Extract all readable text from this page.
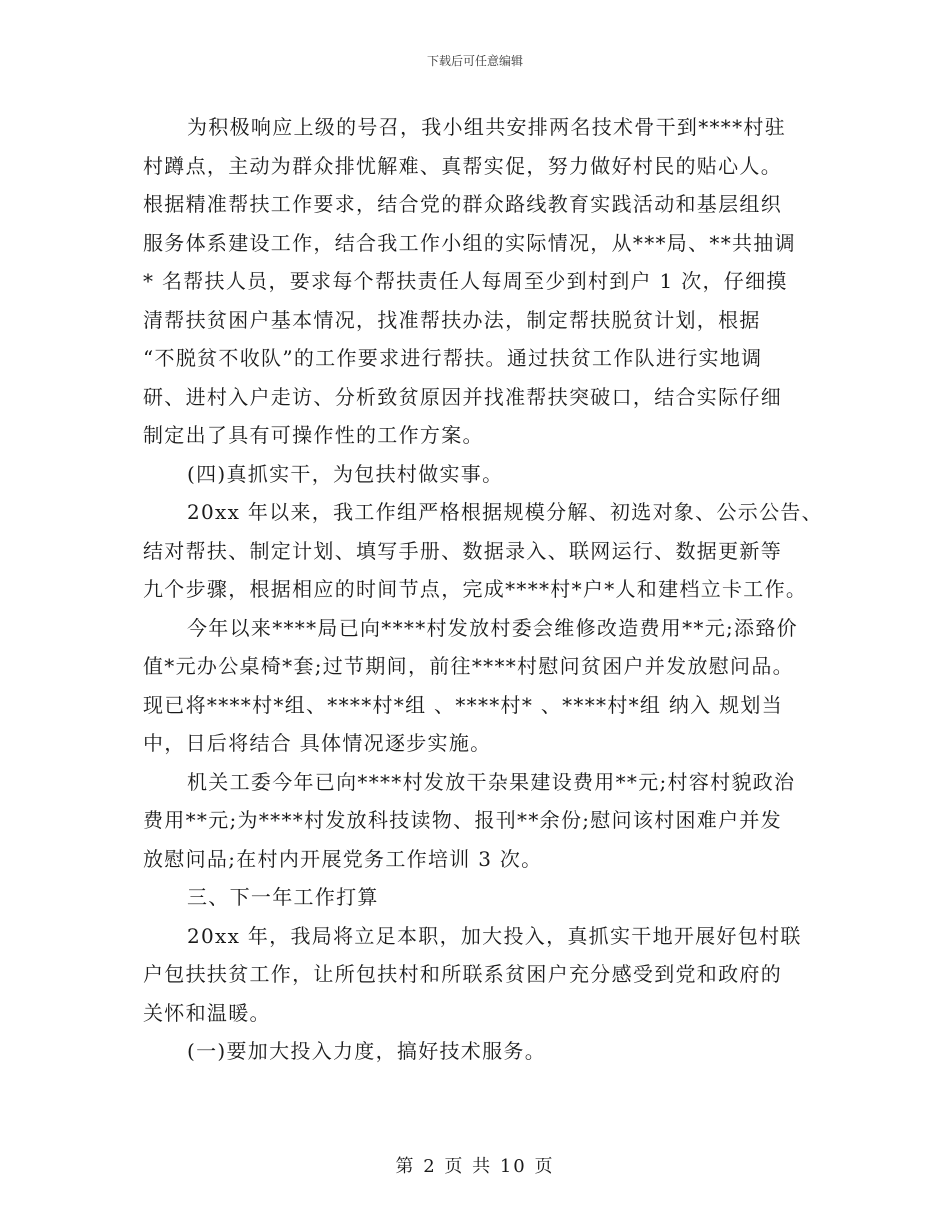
下载后可任意编辑
为积极响应上级的号召，我小组共安排两名技术骨干到****村驻
村蹲点，主动为群众排忧解难、真帮实促，努力做好村民的贴心人。
根据精准帮扶工作要求，结合党的群众路线教育实践活动和基层组织
服务体系建设工作，结合我工作小组的实际情况，从***局、**共抽调
* 名帮扶人员，要求每个帮扶责任人每周至少到村到户 1 次，仔细摸
清帮扶贫困户基本情况，找准帮扶办法，制定帮扶脱贫计划，根据
“不脱贫不收队”的工作要求进行帮扶。通过扶贫工作队进行实地调
研、进村入户走访、分析致贫原因并找准帮扶突破口，结合实际仔细
制定出了具有可操作性的工作方案。
(四)真抓实干，为包扶村做实事。
20xx 年以来，我工作组严格根据规模分解、初选对象、公示公告、
结对帮扶、制定计划、填写手册、数据录入、联网运行、数据更新等
九个步骤，根据相应的时间节点，完成****村*户*人和建档立卡工作。
今年以来****局已向****村发放村委会维修改造费用**元;添臵价
值*元办公桌椅*套;过节期间，前往****村慰问贫困户并发放慰问品。
现已将****村*组、****村*组 、****村* 、****村*组 纳入 规划当
中，日后将结合 具体情况逐步实施。
机关工委今年已向****村发放干杂果建设费用**元;村容村貌政治
费用**元;为****村发放科技读物、报刊**余份;慰问该村困难户并发
放慰问品;在村内开展党务工作培训 3 次。
三、下一年工作打算
20xx 年，我局将立足本职，加大投入，真抓实干地开展好包村联
户包扶扶贫工作，让所包扶村和所联系贫困户充分感受到党和政府的
关怀和温暖。
(一)要加大投入力度，搞好技术服务。
第 2 页 共 10 页
